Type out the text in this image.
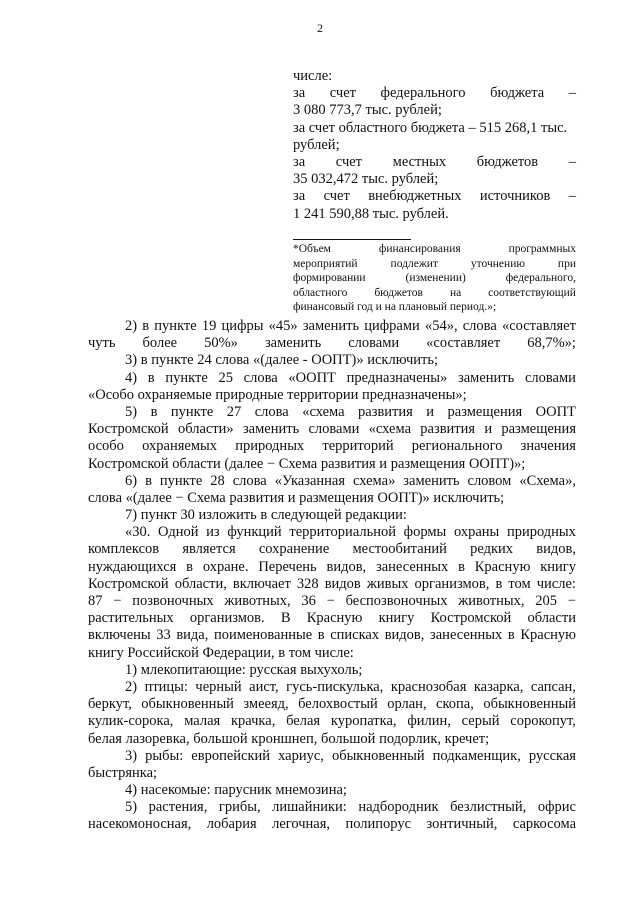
2

числе:

за счет федерального бюджета –

3 080 773,7 тыс. рублей;

за счет областного бюджета – 515 268,1 тыс.

рублей;

за счет местных бюджетов –

35 032,472 тыс. рублей;

за счет внебюджетных источников –

1 241 590,88 тыс. рублей.

*Объем	финансирования	программных
мероприятий	подлежит	уточнению	при
формировании	(изменении)	федерального,
областного бюджетов на соответствующий
финансовый год и на плановый период.»;
2) в пункте 19 цифры «45» заменить цифрами «54», слова «составляет
чуть более 50%» заменить словами «составляет 68,7%»;
3) в пункте 24 слова «(далее - ООПТ)» исключить;
4) в пункте 25 слова «ООПТ предназначены» заменить словами
«Особо охраняемые природные территории предназначены»;
5) в пункте 27 слова «схема развития и размещения ООПТ
Костромской области» заменить словами «схема развития и размещения
особо охраняемых природных территорий регионального значения
Костромской области (далее − Схема развития и размещения ООПТ)»;
6) в пункте 28 слова «Указанная схема» заменить словом «Схема»,
слова «(далее − Схема развития и размещения ООПТ)» исключить;
7) пункт 30 изложить в следующей редакции:
«30. Одной из функций территориальной формы охраны природных
комплексов является сохранение местообитаний редких видов,
нуждающихся в охране. Перечень видов, занесенных в Красную книгу
Костромской области, включает 328 видов живых организмов, в том числе:
87 − позвоночных животных, 36 − беспозвоночных животных, 205 −
растительных организмов. В Красную книгу Костромской области
включены 33 вида, поименованные в списках видов, занесенных в Красную
книгу Российской Федерации, в том числе:
1) млекопитающие: русская выхухоль;
2) птицы: черный аист, гусь-пискулька, краснозобая казарка, сапсан,
беркут, обыкновенный змееяд, белохвостый орлан, скопа, обыкновенный
кулик-сорока, малая крачка, белая куропатка, филин, серый сорокопут,
белая лазоревка, большой кроншнеп, большой подорлик, кречет;
3) рыбы: европейский хариус, обыкновенный подкаменщик, русская
быстрянка;
4) насекомые: парусник мнемозина;
5) растения, грибы, лишайники: надбородник безлистный, офрис
насекомоносная, лобария легочная, полипорус зонтичный, саркосома
